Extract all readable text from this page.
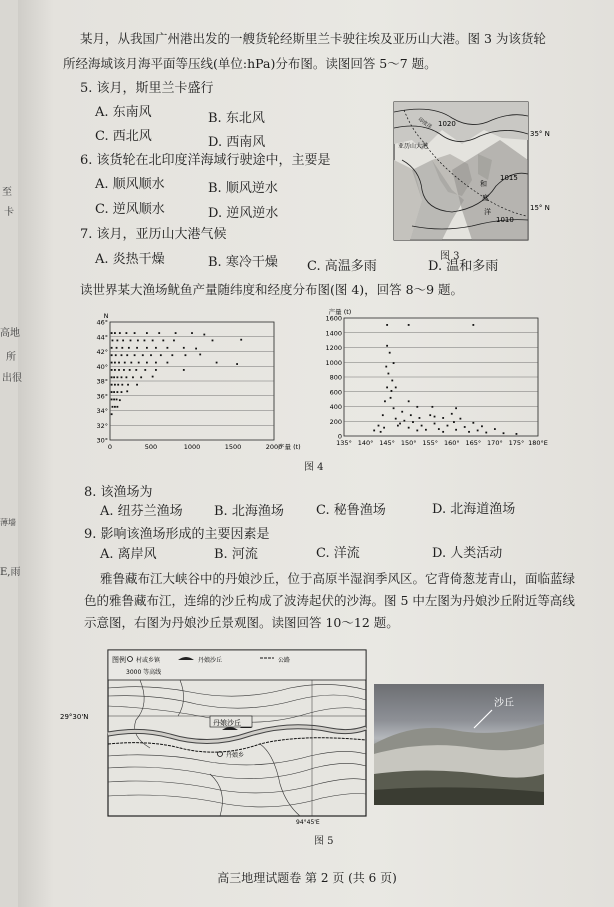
至
卡
高地
所
出很
薄墙
E,雨
某月，从我国广州港出发的一艘货轮经斯里兰卡驶往埃及亚历山大港。图 3 为该货轮
所经海域该月海平面等压线(单位:hPa)分布图。读图回答 5～7 题。
5. 该月，斯里兰卡盛行
A. 东南风	B. 东北风
C. 西北风	D. 西南风
6. 该货轮在北印度洋海域行驶途中，主要是
A. 顺风顺水	B. 顺风逆水
C. 逆风顺水	D. 逆风逆水
7. 该月，亚历山大港气候
A. 炎热干燥	B. 寒冷干燥 C. 高温多雨	D. 温和多雨
1020
1015
1010
35° N
15° N
亚历山大港
印度洋
和
度
洋
图 3
读世界某大渔场鱿鱼产量随纬度和经度分布图(图 4)，回答 8～9 题。
30°
32°
34°
36°
38°
40°
42°
44°
46°
0	500	1000	1500	2000
N
产量 (t)
0
200
400
600
800
1000
1200
1400
1600
135° 140° 145° 150° 155° 160° 165° 170° 175° 180°E
产量 (t)
图 4
8. 该渔场为
A. 纽芬兰渔场 B. 北海渔场 C. 秘鲁渔场	D. 北海道渔场
9. 影响该渔场形成的主要因素是
A. 离岸风	B. 河流	C. 洋流	D. 人类活动
雅鲁藏布江大峡谷中的丹娘沙丘，位于高原半湿润季风区。它背倚葱茏青山，面临蓝绿
色的雅鲁藏布江，连绵的沙丘构成了波涛起伏的沙海。图 5 中左图为丹娘沙丘附近等高线
示意图，右图为丹娘沙丘景观图。读图回答 10～12 题。
图例 村或乡镇	丹娘沙丘	公路
3000 等高线
29°30'N
94°45'E
丹娘沙丘
丹娘乡
沙丘
图 5
高三地理试题卷 第 2 页 (共 6 页)
